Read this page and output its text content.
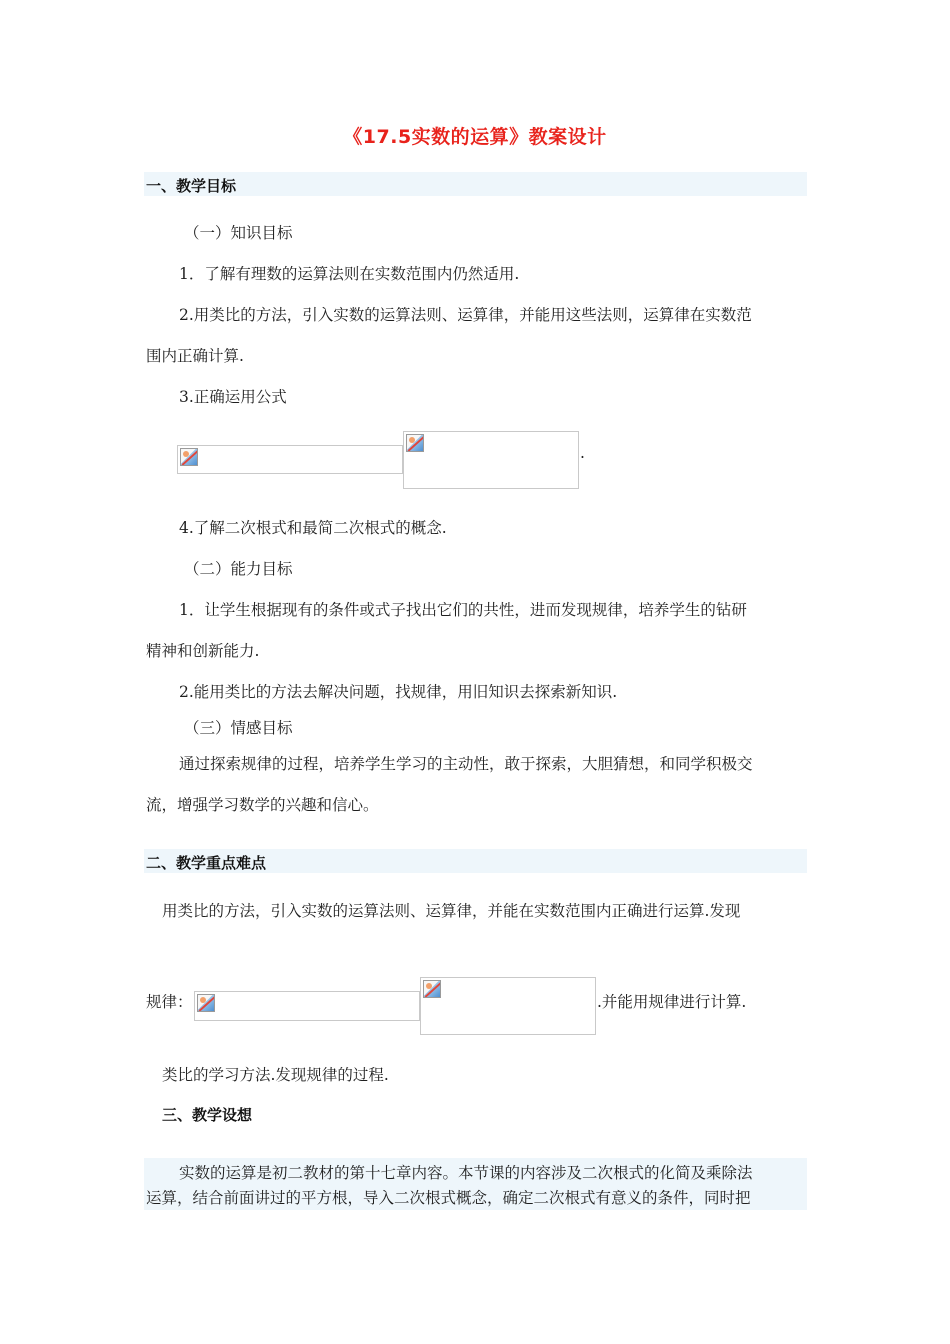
《17.5实数的运算》教案设计
一、教学目标
（一）知识目标
1．了解有理数的运算法则在实数范围内仍然适用.
2.用类比的方法，引入实数的运算法则、运算律，并能用这些法则，运算律在实数范
围内正确计算.
3.正确运用公式
.
4.了解二次根式和最简二次根式的概念.
（二）能力目标
1．让学生根据现有的条件或式子找出它们的共性，进而发现规律，培养学生的钻研
精神和创新能力.
2.能用类比的方法去解决问题，找规律，用旧知识去探索新知识.
（三）情感目标
通过探索规律的过程，培养学生学习的主动性，敢于探索，大胆猜想，和同学积极交
流，增强学习数学的兴趣和信心。
二、教学重点难点
用类比的方法，引入实数的运算法则、运算律，并能在实数范围内正确进行运算.发现
规律：	.并能用规律进行计算.
类比的学习方法.发现规律的过程.
三、教学设想
实数的运算是初二教材的第十七章内容。本节课的内容涉及二次根式的化简及乘除法
运算，结合前面讲过的平方根，导入二次根式概念，确定二次根式有意义的条件，同时把
